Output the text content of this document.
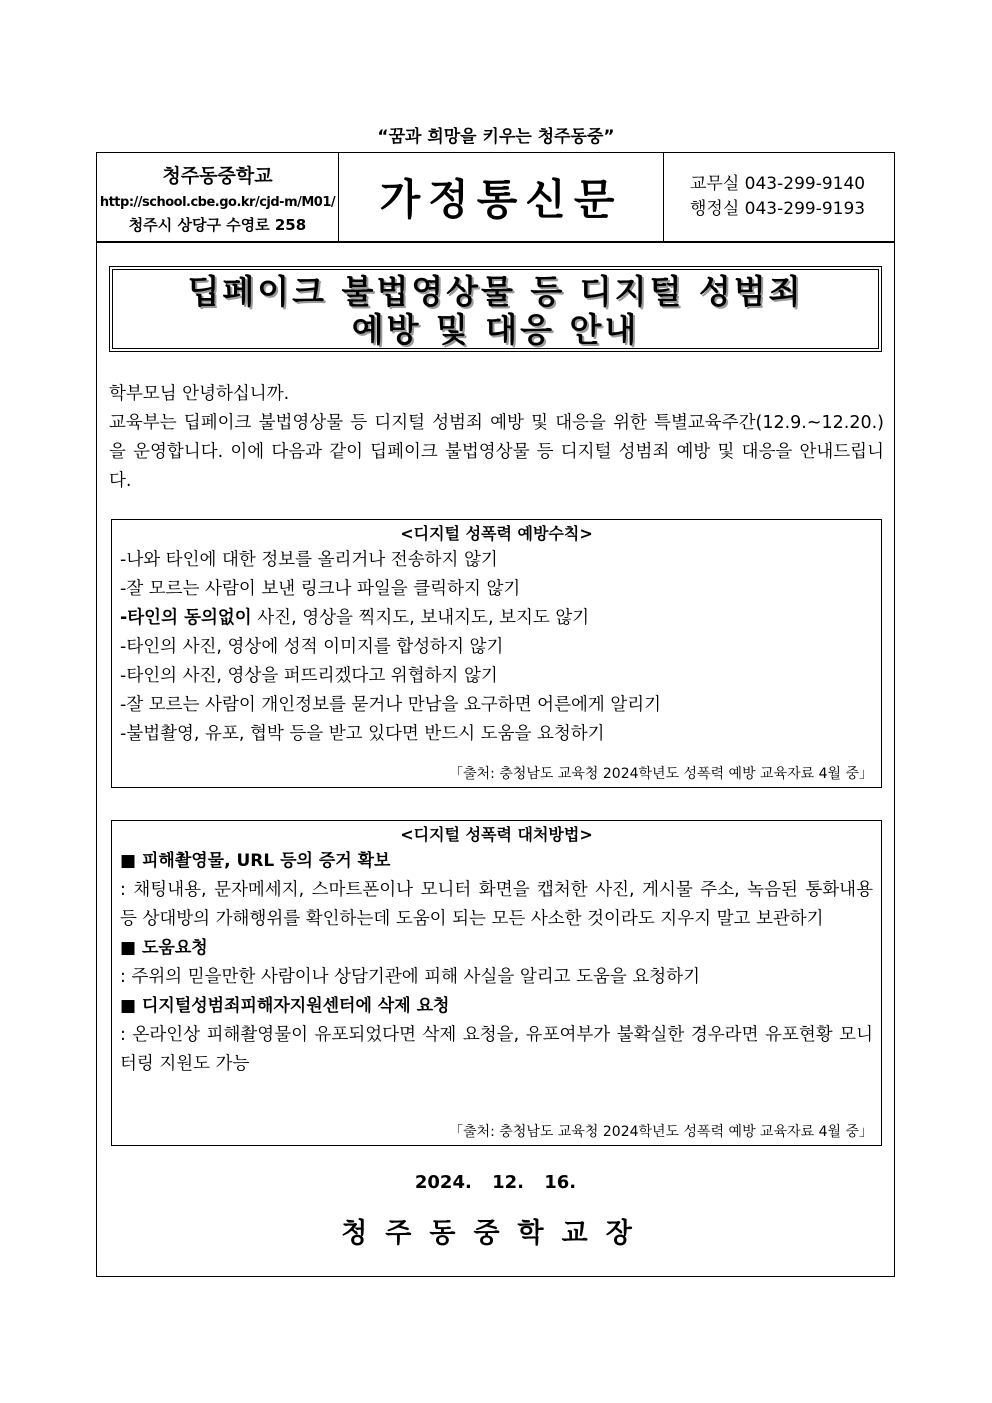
“꿈과 희망을 키우는 청주동중”
청주동중학교
http://school.cbe.go.kr/cjd-m/M01/
청주시 상당구 수영로 258
가정통신문	교무실 043-299-9140
행정실 043-299-9193
딥페이크 불법영상물 등 디지털 성범죄
예방 및 대응 안내
학부모님 안녕하십니까.
교육부는 딥페이크 불법영상물 등 디지털 성범죄 예방 및 대응을 위한 특별교육주간(12.9.~12.20.)을 운영합니다. 이에 다음과 같이 딥페이크 불법영상물 등 디지털 성범죄 예방 및 대응을 안내드립니다.
<디지털 성폭력 예방수칙>
-나와 타인에 대한 정보를 올리거나 전송하지 않기
-잘 모르는 사람이 보낸 링크나 파일을 클릭하지 않기
-타인의 동의없이 사진, 영상을 찍지도, 보내지도, 보지도 않기
-타인의 사진, 영상에 성적 이미지를 합성하지 않기
-타인의 사진, 영상을 퍼뜨리겠다고 위협하지 않기
-잘 모르는 사람이 개인정보를 묻거나 만남을 요구하면 어른에게 알리기
-불법촬영, 유포, 협박 등을 받고 있다면 반드시 도움을 요청하기
「출처: 충청남도 교육청 2024학년도 성폭력 예방 교육자료 4월 중」
<디지털 성폭력 대처방법>
■ 피해촬영물, URL 등의 증거 확보
: 채팅내용, 문자메세지, 스마트폰이나 모니터 화면을 캡처한 사진, 게시물 주소, 녹음된 통화내용 등 상대방의 가해행위를 확인하는데 도움이 되는 모든 사소한 것이라도 지우지 말고 보관하기
■ 도움요청
: 주위의 믿을만한 사람이나 상담기관에 피해 사실을 알리고 도움을 요청하기
■ 디지털성범죄피해자지원센터에 삭제 요청
: 온라인상 피해촬영물이 유포되었다면 삭제 요청을, 유포여부가 불확실한 경우라면 유포현황 모니터링 지원도 가능
「출처: 충청남도 교육청 2024학년도 성폭력 예방 교육자료 4월 중」
2024. 12. 16.
청주동중학교장
